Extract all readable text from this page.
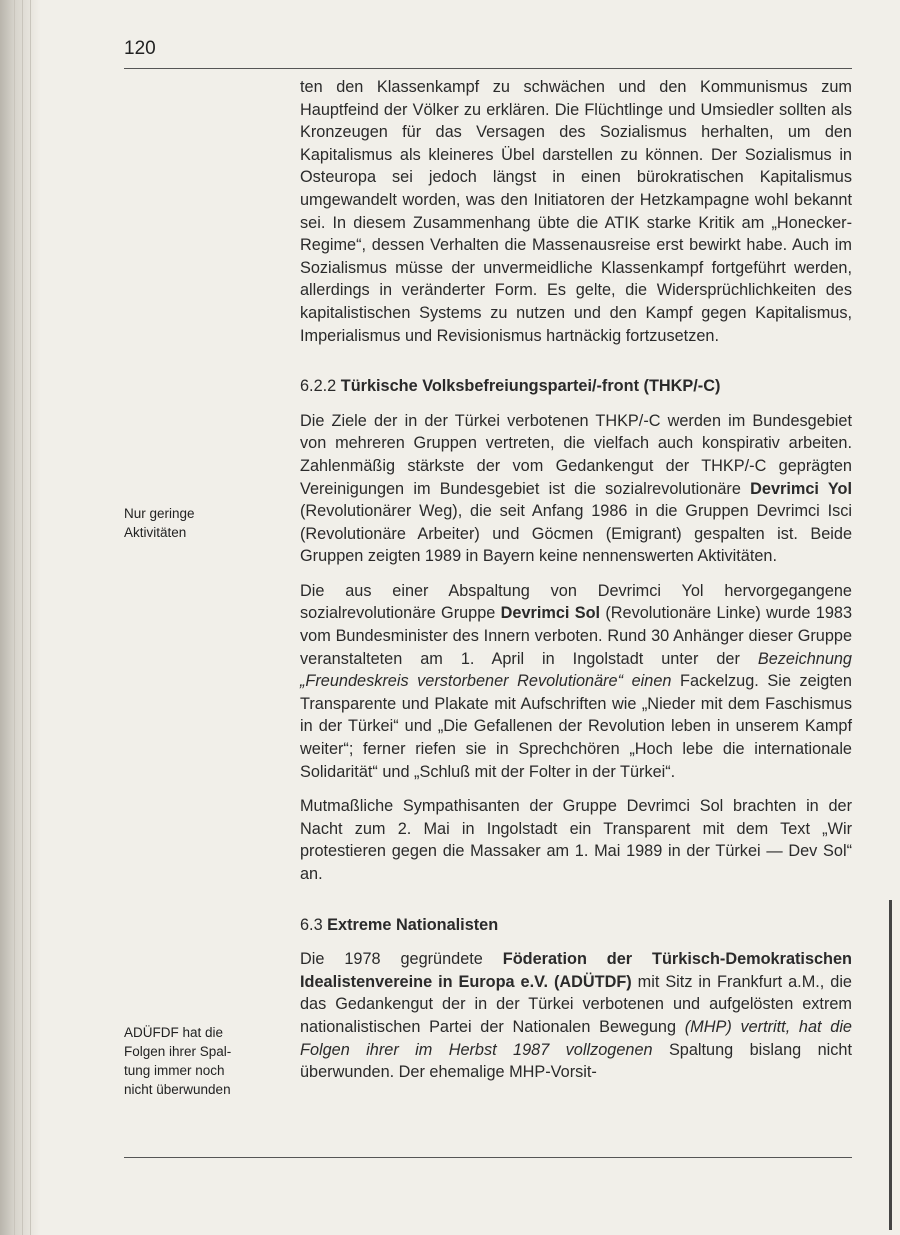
120
Nur geringe
Aktivitäten
ADÜFDF hat die
Folgen ihrer Spal-
tung immer noch
nicht überwunden

ten den Klassenkampf zu schwächen und den Kommunismus zum Hauptfeind der Völker zu erklären. Die Flüchtlinge und Umsiedler sollten als Kronzeugen für das Versagen des Sozialismus herhalten, um den Kapitalismus als kleineres Übel darstellen zu können. Der Sozialismus in Osteuropa sei jedoch längst in einen bürokratischen Kapitalismus umgewandelt worden, was den Initiatoren der Hetzkampagne wohl bekannt sei. In diesem Zusammenhang übte die ATIK starke Kritik am „Honecker-Regime“, dessen Verhalten die Massenausreise erst bewirkt habe. Auch im Sozialismus müsse der unvermeidliche Klassenkampf fortgeführt werden, allerdings in veränderter Form. Es gelte, die Widersprüchlichkeiten des kapitalistischen Systems zu nutzen und den Kampf gegen Kapitalismus, Imperialismus und Revisionismus hartnäckig fortzusetzen.

6.2.2 Türkische Volksbefreiungspartei/-front (THKP/-C)

Die Ziele der in der Türkei verbotenen THKP/-C werden im Bundesgebiet von mehreren Gruppen vertreten, die vielfach auch konspirativ arbeiten. Zahlenmäßig stärkste der vom Gedankengut der THKP/-C geprägten Vereinigungen im Bundesgebiet ist die sozialrevolutionäre Devrimci Yol (Revolutionärer Weg), die seit Anfang 1986 in die Gruppen Devrimci Isci (Revolutionäre Arbeiter) und Göcmen (Emigrant) gespalten ist. Beide Gruppen zeigten 1989 in Bayern keine nennenswerten Aktivitäten.

Die aus einer Abspaltung von Devrimci Yol hervorgegangene sozialrevolutionäre Gruppe Devrimci Sol (Revolutionäre Linke) wurde 1983 vom Bundesminister des Innern verboten. Rund 30 Anhänger dieser Gruppe veranstalteten am 1. April in Ingolstadt unter der Bezeichnung „Freundeskreis verstorbener Revolutionäre“ einen Fackelzug. Sie zeigten Transparente und Plakate mit Aufschriften wie „Nieder mit dem Faschismus in der Türkei“ und „Die Gefallenen der Revolution leben in unserem Kampf weiter“; ferner riefen sie in Sprechchören „Hoch lebe die internationale Solidarität“ und „Schluß mit der Folter in der Türkei“.

Mutmaßliche Sympathisanten der Gruppe Devrimci Sol brachten in der Nacht zum 2. Mai in Ingolstadt ein Transparent mit dem Text „Wir protestieren gegen die Massaker am 1. Mai 1989 in der Türkei — Dev Sol“ an.

6.3 Extreme Nationalisten

Die 1978 gegründete Föderation der Türkisch-Demokratischen Idealistenvereine in Europa e.V. (ADÜTDF) mit Sitz in Frankfurt a.M., die das Gedankengut der in der Türkei verbotenen und aufgelösten extrem nationalistischen Partei der Nationalen Bewegung (MHP) vertritt, hat die Folgen ihrer im Herbst 1987 vollzogenen Spaltung bislang nicht überwunden. Der ehemalige MHP-Vorsit-
